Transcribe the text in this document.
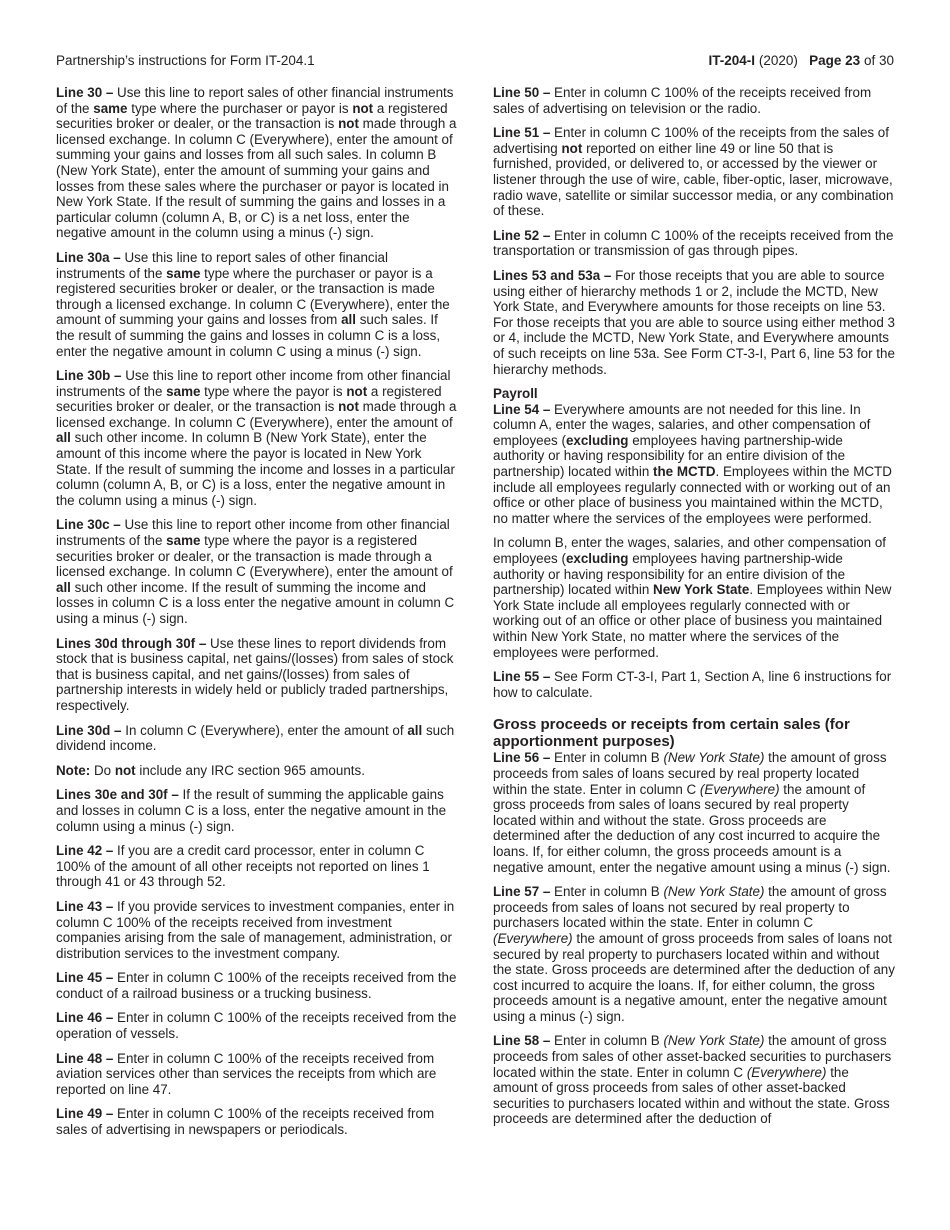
Partnership’s instructions for Form IT-204.1	IT-204-I (2020) Page 23 of 30

Line 30 – Use this line to report sales of other financial instruments of the same type where the purchaser or payor is not a registered securities broker or dealer, or the transaction is not made through a licensed exchange. In column C (Everywhere), enter the amount of summing your gains and losses from all such sales. In column B (New York State), enter the amount of summing your gains and losses from these sales where the purchaser or payor is located in New York State. If the result of summing the gains and losses in a particular column (column A, B, or C) is a net loss, enter the negative amount in the column using a minus (-) sign.

Line 30a – Use this line to report sales of other financial instruments of the same type where the purchaser or payor is a registered securities broker or dealer, or the transaction is made through a licensed exchange. In column C (Everywhere), enter the amount of summing your gains and losses from all such sales. If the result of summing the gains and losses in column C is a loss, enter the negative amount in column C using a minus (-) sign.

Line 30b – Use this line to report other income from other financial instruments of the same type where the payor is not a registered securities broker or dealer, or the transaction is not made through a licensed exchange. In column C (Everywhere), enter the amount of all such other income. In column B (New York State), enter the amount of this income where the payor is located in New York State. If the result of summing the income and losses in a particular column (column A, B, or C) is a loss, enter the negative amount in the column using a minus (-) sign.

Line 30c – Use this line to report other income from other financial instruments of the same type where the payor is a registered securities broker or dealer, or the transaction is made through a licensed exchange. In column C (Everywhere), enter the amount of all such other income. If the result of summing the income and losses in column C is a loss enter the negative amount in column C using a minus (-) sign.

Lines 30d through 30f – Use these lines to report dividends from stock that is business capital, net gains/(losses) from sales of stock that is business capital, and net gains/(losses) from sales of partnership interests in widely held or publicly traded partnerships, respectively.

Line 30d – In column C (Everywhere), enter the amount of all such dividend income.

Note: Do not include any IRC section 965 amounts.

Lines 30e and 30f – If the result of summing the applicable gains and losses in column C is a loss, enter the negative amount in the column using a minus (-) sign.

Line 42 – If you are a credit card processor, enter in column C 100% of the amount of all other receipts not reported on lines 1 through 41 or 43 through 52.

Line 43 – If you provide services to investment companies, enter in column C 100% of the receipts received from investment companies arising from the sale of management, administration, or distribution services to the investment company.

Line 45 – Enter in column C 100% of the receipts received from the conduct of a railroad business or a trucking business.

Line 46 – Enter in column C 100% of the receipts received from the operation of vessels.

Line 48 – Enter in column C 100% of the receipts received from aviation services other than services the receipts from which are reported on line 47.

Line 49 – Enter in column C 100% of the receipts received from sales of advertising in newspapers or periodicals.

Line 50 – Enter in column C 100% of the receipts received from sales of advertising on television or the radio.

Line 51 – Enter in column C 100% of the receipts from the sales of advertising not reported on either line 49 or line 50 that is furnished, provided, or delivered to, or accessed by the viewer or listener through the use of wire, cable, fiber-optic, laser, microwave, radio wave, satellite or similar successor media, or any combination of these.

Line 52 – Enter in column C 100% of the receipts received from the transportation or transmission of gas through pipes.

Lines 53 and 53a – For those receipts that you are able to source using either of hierarchy methods 1 or 2, include the MCTD, New York State, and Everywhere amounts for those receipts on line 53. For those receipts that you are able to source using either method 3 or 4, include the MCTD, New York State, and Everywhere amounts of such receipts on line 53a. See Form CT-3-I, Part 6, line 53 for the hierarchy methods.

Payroll

Line 54 – Everywhere amounts are not needed for this line. In column A, enter the wages, salaries, and other compensation of employees (excluding employees having partnership-wide authority or having responsibility for an entire division of the partnership) located within the MCTD. Employees within the MCTD include all employees regularly connected with or working out of an office or other place of business you maintained within the MCTD, no matter where the services of the employees were performed.

In column B, enter the wages, salaries, and other compensation of employees (excluding employees having partnership-wide authority or having responsibility for an entire division of the partnership) located within New York State. Employees within New York State include all employees regularly connected with or working out of an office or other place of business you maintained within New York State, no matter where the services of the employees were performed.

Line 55 – See Form CT-3-I, Part 1, Section A, line 6 instructions for how to calculate.

Gross proceeds or receipts from certain sales (for apportionment purposes)

Line 56 – Enter in column B (New York State) the amount of gross proceeds from sales of loans secured by real property located within the state. Enter in column C (Everywhere) the amount of gross proceeds from sales of loans secured by real property located within and without the state. Gross proceeds are determined after the deduction of any cost incurred to acquire the loans. If, for either column, the gross proceeds amount is a negative amount, enter the negative amount using a minus (-) sign.

Line 57 – Enter in column B (New York State) the amount of gross proceeds from sales of loans not secured by real property to purchasers located within the state. Enter in column C (Everywhere) the amount of gross proceeds from sales of loans not secured by real property to purchasers located within and without the state. Gross proceeds are determined after the deduction of any cost incurred to acquire the loans. If, for either column, the gross proceeds amount is a negative amount, enter the negative amount using a minus (-) sign.

Line 58 – Enter in column B (New York State) the amount of gross proceeds from sales of other asset-backed securities to purchasers located within the state. Enter in column C (Everywhere) the amount of gross proceeds from sales of other asset-backed securities to purchasers located within and without the state. Gross proceeds are determined after the deduction of
